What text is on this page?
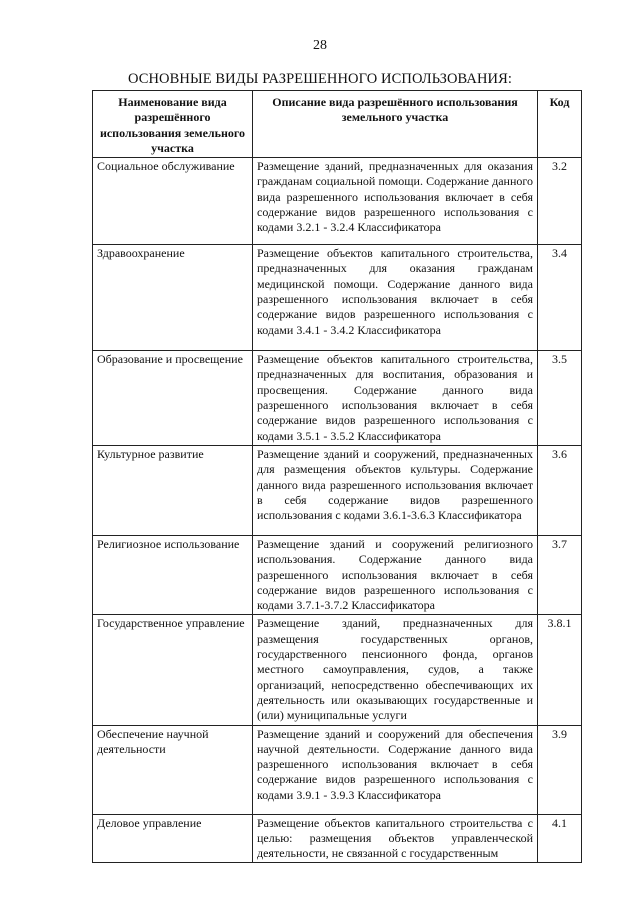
28
ОСНОВНЫЕ ВИДЫ РАЗРЕШЕННОГО ИСПОЛЬЗОВАНИЯ:
Наименование вида разрешённого использования земельного участка	Описание вида разрешённого использования земельного участка	Код
Социальное обслуживание	Размещение зданий, предназначенных для оказания гражданам социальной помощи. Содержание данного вида разрешенного использования включает в себя содержание видов разрешенного использования с кодами 3.2.1 - 3.2.4 Классификатора	3.2
Здравоохранение	Размещение объектов капитального строительства, предназначенных для оказания гражданам медицинской помощи. Содержание данного вида разрешенного использования включает в себя содержание видов разрешенного использования с кодами 3.4.1 - 3.4.2 Классификатора	3.4
Образование и просвещение	Размещение объектов капитального строительства, предназначенных для воспитания, образования и просвещения. Содержание данного вида разрешенного использования включает в себя содержание видов разрешенного использования с кодами 3.5.1 - 3.5.2 Классификатора	3.5
Культурное развитие	Размещение зданий и сооружений, предназначенных для размещения объектов культуры. Содержание данного вида разрешенного использования включает в себя содержание видов разрешенного использования с кодами 3.6.1-3.6.3 Классификатора	3.6
Религиозное использование	Размещение зданий и сооружений религиозного использования. Содержание данного вида разрешенного использования включает в себя содержание видов разрешенного использования с кодами 3.7.1-3.7.2 Классификатора	3.7
Государственное управление	Размещение зданий, предназначенных для размещения государственных органов, государственного пенсионного фонда, органов местного самоуправления, судов, а также организаций, непосредственно обеспечивающих их деятельность или оказывающих государственные и (или) муниципальные услуги	3.8.1
Обеспечение научной деятельности	Размещение зданий и сооружений для обеспечения научной деятельности. Содержание данного вида разрешенного использования включает в себя содержание видов разрешенного использования с кодами 3.9.1 - 3.9.3 Классификатора	3.9
Деловое управление	Размещение объектов капитального строительства с целью: размещения объектов управленческой деятельности, не связанной с государственным	4.1
